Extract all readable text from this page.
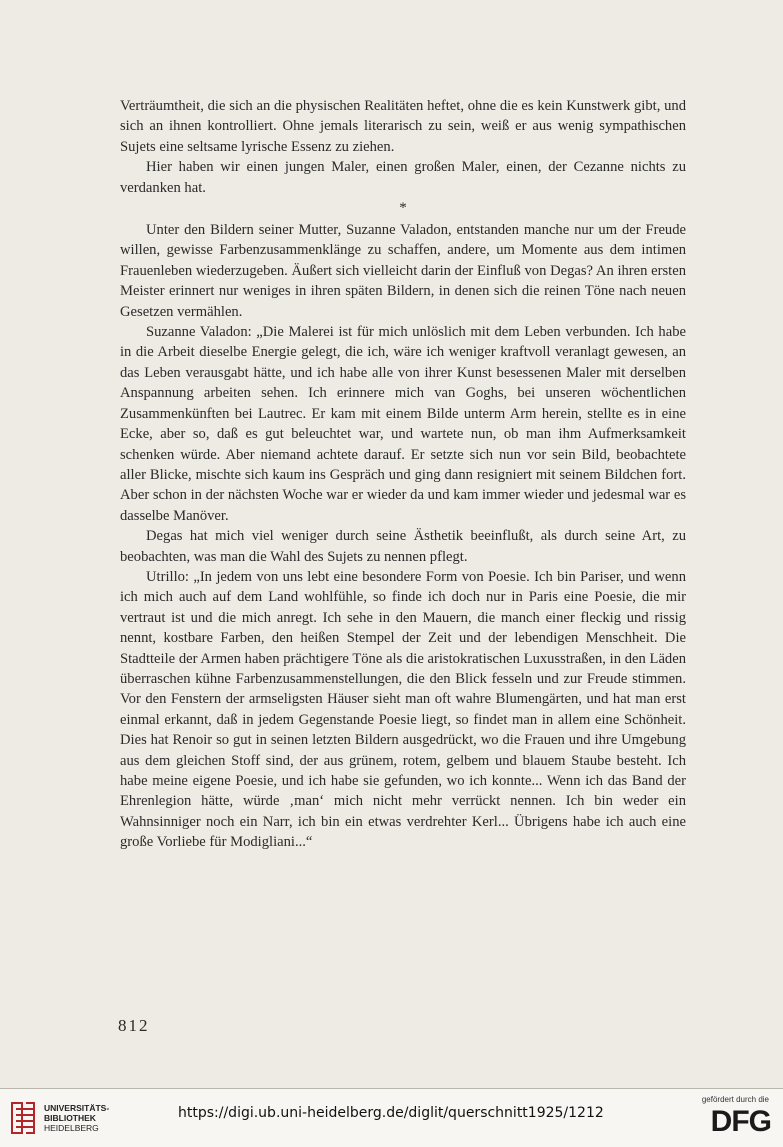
Verträumtheit, die sich an die physischen Realitäten heftet, ohne die es kein Kunstwerk gibt, und sich an ihnen kontrolliert. Ohne jemals literarisch zu sein, weiß er aus wenig sympathischen Sujets eine seltsame lyrische Essenz zu ziehen.

Hier haben wir einen jungen Maler, einen großen Maler, einen, der Cezanne nichts zu verdanken hat.

*

Unter den Bildern seiner Mutter, Suzanne Valadon, entstanden manche nur um der Freude willen, gewisse Farbenzusammenklänge zu schaffen, andere, um Momente aus dem intimen Frauenleben wiederzugeben. Äußert sich vielleicht darin der Einfluß von Degas? An ihren ersten Meister erinnert nur weniges in ihren späten Bildern, in denen sich die reinen Töne nach neuen Gesetzen vermählen.

Suzanne Valadon: „Die Malerei ist für mich unlöslich mit dem Leben verbunden. Ich habe in die Arbeit dieselbe Energie gelegt, die ich, wäre ich weniger kraftvoll veranlagt gewesen, an das Leben verausgabt hätte, und ich habe alle von ihrer Kunst besessenen Maler mit derselben Anspannung arbeiten sehen. Ich erinnere mich van Goghs, bei unseren wöchentlichen Zusammenkünften bei Lautrec. Er kam mit einem Bilde unterm Arm herein, stellte es in eine Ecke, aber so, daß es gut beleuchtet war, und wartete nun, ob man ihm Aufmerksamkeit schenken würde. Aber niemand achtete darauf. Er setzte sich nun vor sein Bild, beobachtete aller Blicke, mischte sich kaum ins Gespräch und ging dann resigniert mit seinem Bildchen fort. Aber schon in der nächsten Woche war er wieder da und kam immer wieder und jedesmal war es dasselbe Manöver.

Degas hat mich viel weniger durch seine Ästhetik beeinflußt, als durch seine Art, zu beobachten, was man die Wahl des Sujets zu nennen pflegt.

Utrillo: „In jedem von uns lebt eine besondere Form von Poesie. Ich bin Pariser, und wenn ich mich auch auf dem Land wohlfühle, so finde ich doch nur in Paris eine Poesie, die mir vertraut ist und die mich anregt. Ich sehe in den Mauern, die manch einer fleckig und rissig nennt, kostbare Farben, den heißen Stempel der Zeit und der lebendigen Menschheit. Die Stadtteile der Armen haben prächtigere Töne als die aristokratischen Luxusstraßen, in den Läden überraschen kühne Farbenzusammenstellungen, die den Blick fesseln und zur Freude stimmen. Vor den Fenstern der armseligsten Häuser sieht man oft wahre Blumengärten, und hat man erst einmal erkannt, daß in jedem Gegenstande Poesie liegt, so findet man in allem eine Schönheit. Dies hat Renoir so gut in seinen letzten Bildern ausgedrückt, wo die Frauen und ihre Umgebung aus dem gleichen Stoff sind, der aus grünem, rotem, gelbem und blauem Staube besteht. Ich habe meine eigene Poesie, und ich habe sie gefunden, wo ich konnte... Wenn ich das Band der Ehrenlegion hätte, würde ‚man‘ mich nicht mehr verrückt nennen. Ich bin weder ein Wahnsinniger noch ein Narr, ich bin ein etwas verdrehter Kerl... Übrigens habe ich auch eine große Vorliebe für Modigliani...“

812
UNIVERSITÄTS-
BIBLIOTHEK
HEIDELBERG
https://digi.ub.uni-heidelberg.de/diglit/querschnitt1925/1212
gefördert durch die
DFG
